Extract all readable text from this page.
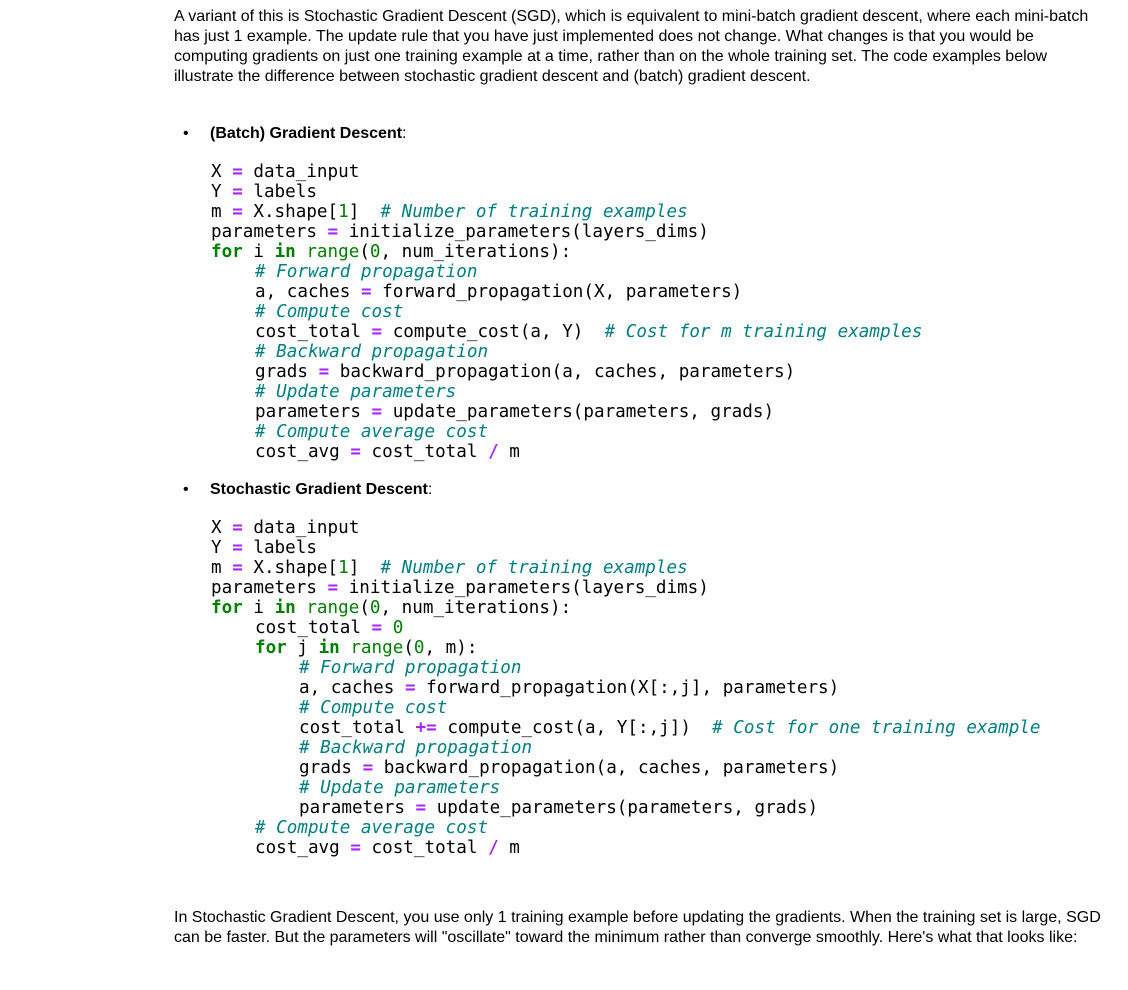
A variant of this is Stochastic Gradient Descent (SGD), which is equivalent to mini-batch gradient descent, where each mini-batch has just 1 example. The update rule that you have just implemented does not change. What changes is that you would be computing gradients on just one training example at a time, rather than on the whole training set. The code examples below illustrate the difference between stochastic gradient descent and (batch) gradient descent.

• (Batch) Gradient Descent:
X = data_input
Y = labels
m = X.shape[1]  # Number of training examples
parameters = initialize_parameters(layers_dims)
for i in range(0, num_iterations):
# Forward propagation
a, caches = forward_propagation(X, parameters)
# Compute cost
cost_total = compute_cost(a, Y)  # Cost for m training examples
# Backward propagation
grads = backward_propagation(a, caches, parameters)
# Update parameters
parameters = update_parameters(parameters, grads)
# Compute average cost
cost_avg = cost_total / m
• Stochastic Gradient Descent:
X = data_input
Y = labels
m = X.shape[1]  # Number of training examples
parameters = initialize_parameters(layers_dims)
for i in range(0, num_iterations):
cost_total = 0
for j in range(0, m):
# Forward propagation
a, caches = forward_propagation(X[:,j], parameters)
# Compute cost
cost_total += compute_cost(a, Y[:,j])  # Cost for one training example
# Backward propagation
grads = backward_propagation(a, caches, parameters)
# Update parameters
parameters = update_parameters(parameters, grads)
# Compute average cost
cost_avg = cost_total / m

In Stochastic Gradient Descent, you use only 1 training example before updating the gradients. When the training set is large, SGD can be faster. But the parameters will "oscillate" toward the minimum rather than converge smoothly. Here's what that looks like:
